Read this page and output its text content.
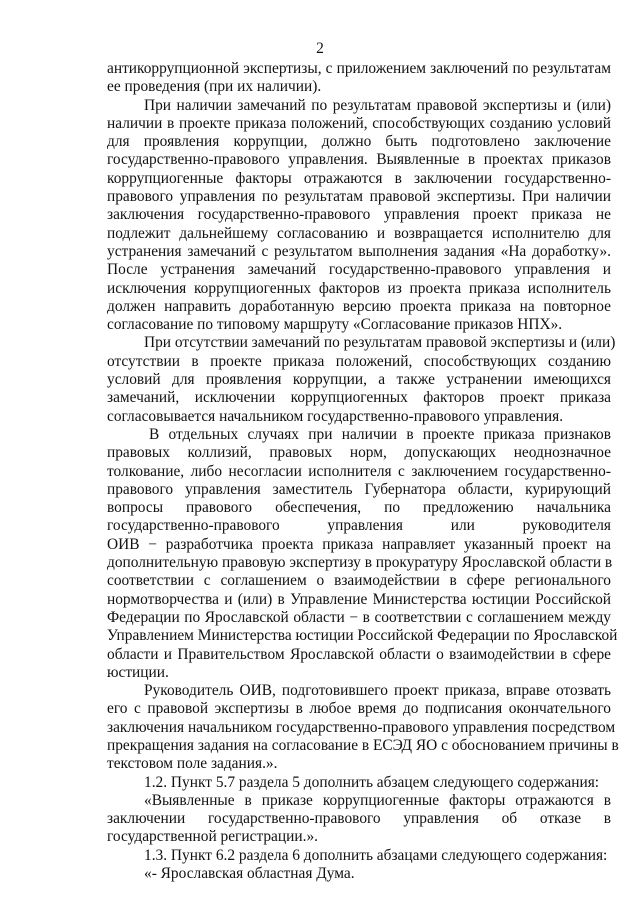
2
антикоррупционной экспертизы, с приложением заключений по результатам
ее проведения (при их наличии).
При наличии замечаний по результатам правовой экспертизы и (или)
наличии в проекте приказа положений, способствующих созданию условий
для проявления коррупции, должно быть подготовлено заключение
государственно-правового управления. Выявленные в проектах приказов
коррупциогенные факторы отражаются в заключении государственно-
правового управления по результатам правовой экспертизы. При наличии
заключения государственно-правового управления проект приказа не
подлежит дальнейшему согласованию и возвращается исполнителю для
устранения замечаний с результатом выполнения задания «На доработку».
После устранения замечаний государственно-правового управления и
исключения коррупциогенных факторов из проекта приказа исполнитель
должен направить доработанную версию проекта приказа на повторное
согласование по типовому маршруту «Согласование приказов НПХ».
При отсутствии замечаний по результатам правовой экспертизы и (или)
отсутствии в проекте приказа положений, способствующих созданию
условий для проявления коррупции, а также устранении имеющихся
замечаний, исключении коррупциогенных факторов проект приказа
согласовывается начальником государственно-правового управления.
В отдельных случаях при наличии в проекте приказа признаков
правовых коллизий, правовых норм, допускающих неоднозначное
толкование, либо несогласии исполнителя с заключением государственно-
правового управления заместитель Губернатора области, курирующий
вопросы правового обеспечения, по предложению начальника
государственно-правового управления или руководителя
ОИВ − разработчика проекта приказа направляет указанный проект на
дополнительную правовую экспертизу в прокуратуру Ярославской области в
соответствии с соглашением о взаимодействии в сфере регионального
нормотворчества и (или) в Управление Министерства юстиции Российской
Федерации по Ярославской области − в соответствии с соглашением между
Управлением Министерства юстиции Российской Федерации по Ярославской
области и Правительством Ярославской области о взаимодействии в сфере
юстиции.
Руководитель ОИВ, подготовившего проект приказа, вправе отозвать
его с правовой экспертизы в любое время до подписания окончательного
заключения начальником государственно-правового управления посредством
прекращения задания на согласование в ЕСЭД ЯО с обоснованием причины в
текстовом поле задания.».
1.2. Пункт 5.7 раздела 5 дополнить абзацем следующего содержания:
«Выявленные в приказе коррупциогенные факторы отражаются в
заключении государственно-правового управления об отказе в
государственной регистрации.».
1.3. Пункт 6.2 раздела 6 дополнить абзацами следующего содержания:
«- Ярославская областная Дума.
